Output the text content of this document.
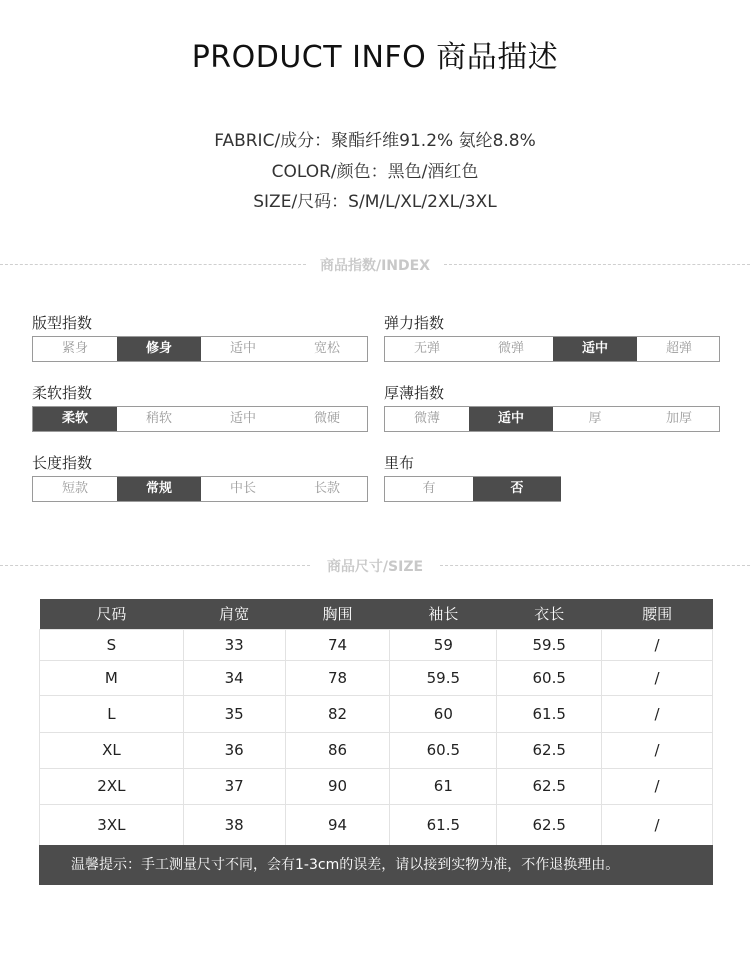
PRODUCT INFO 商品描述
FABRIC/成分：聚酯纤维91.2% 氨纶8.8%
COLOR/颜色：黑色/酒红色
SIZE/尺码：S/M/L/XL/2XL/3XL
商品指数/INDEX
版型指数
紧身	修身	适中	宽松
弹力指数
无弹	微弹	适中	超弹
柔软指数
柔软	稍软	适中	微硬
厚薄指数
微薄	适中	厚	加厚
长度指数
短款	常规	中长	长款
里布
有	否
商品尺寸/SIZE
尺码	肩宽	胸围	袖长	衣长	腰围
S	33	74	59	59.5	/
M	34	78	59.5	60.5	/
L	35	82	60	61.5	/
XL	36	86	60.5	62.5	/
2XL	37	90	61	62.5	/
3XL	38	94	61.5	62.5	/
温馨提示：手工测量尺寸不同，会有1-3cm的误差，请以接到实物为准，不作退换理由。
